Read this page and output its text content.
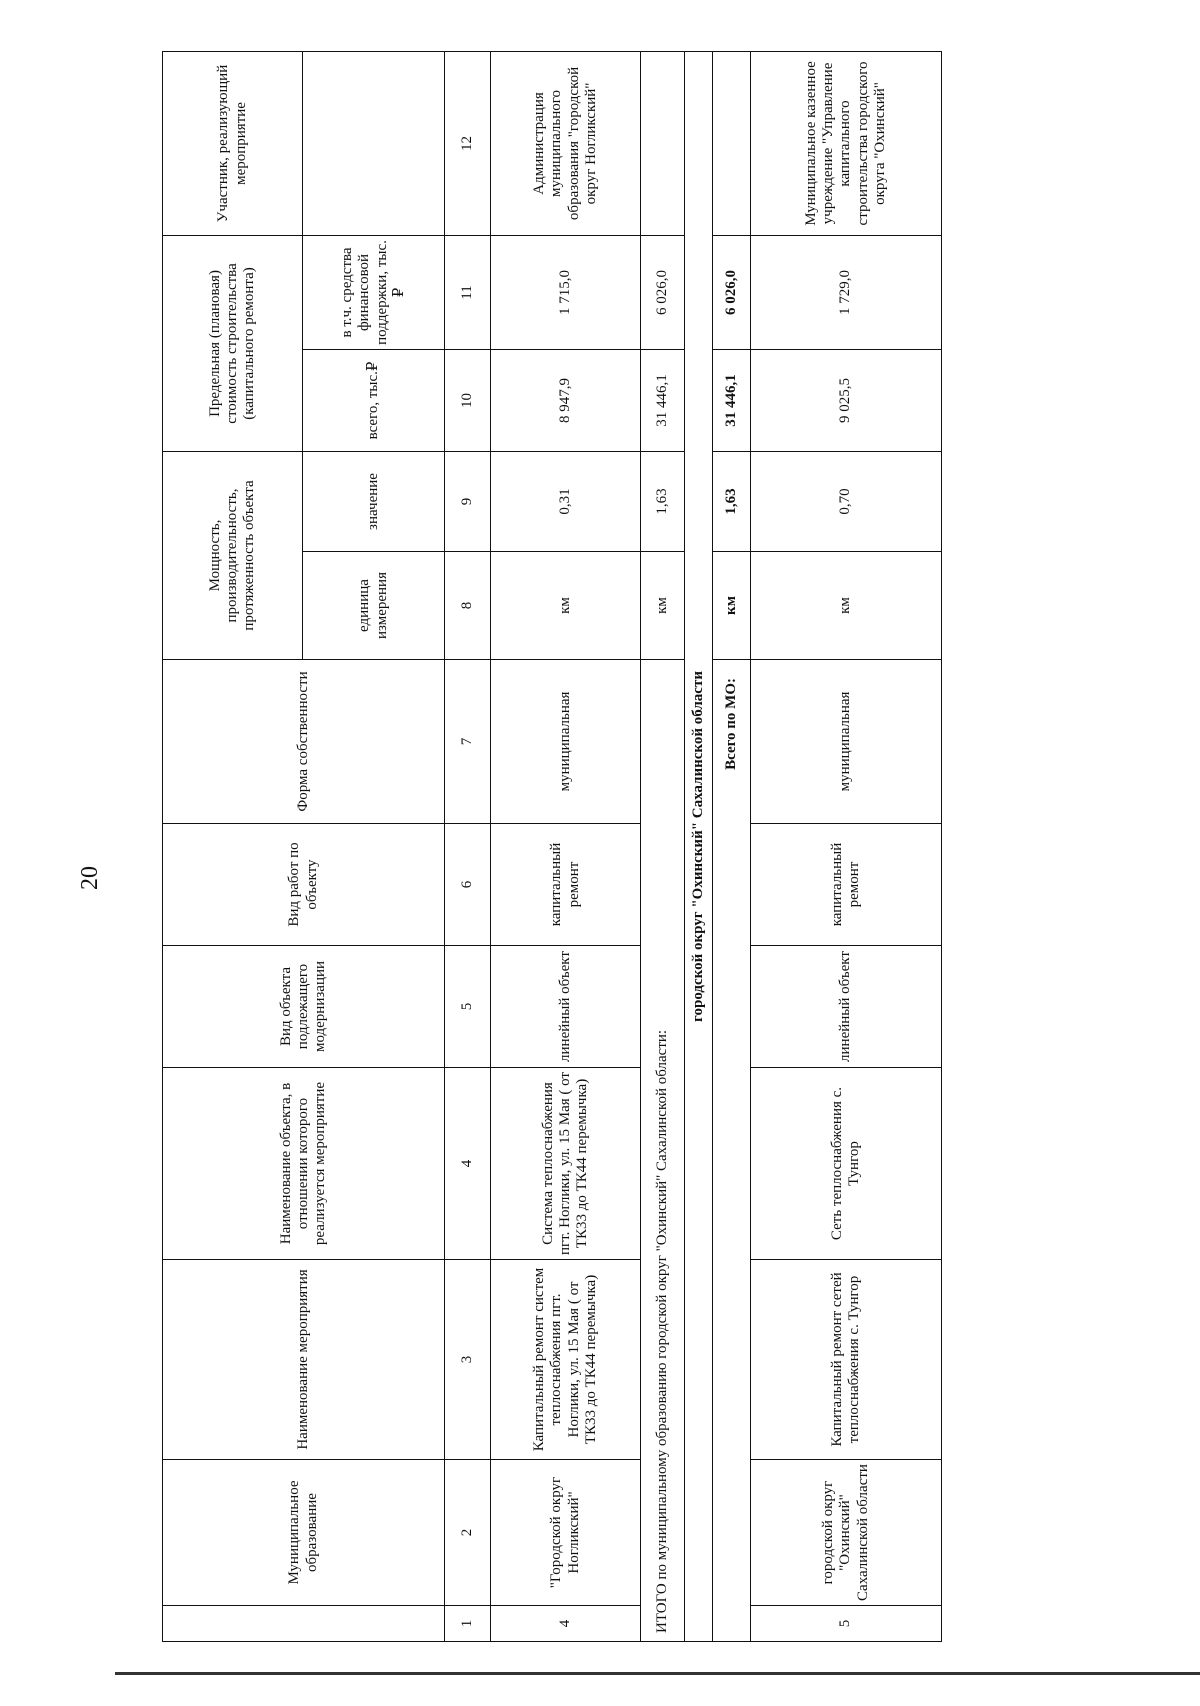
20
	Муниципальное образование	Наименование мероприятия	Наименование объекта, в отношении которого реализуется мероприятие	Вид объекта подлежащего модернизации	Вид работ по объекту	Форма собственности	Мощность, производительность, протяженность объекта		Предельная (плановая) стоимость строительства (капитального ремонта)		Участник, реализующий мероприятие
							единица измерения	значение	всего, тыс.₽	в т.ч. средства финансовой поддержки, тыс.₽	
1	2	3	4	5	6	7	8	9	10	11	12
4	"Городской округ Ногликский"	Капитальный ремонт систем теплоснабжения пгт. Ноглики, ул. 15 Мая ( от ТК33 до ТК44 перемычка)	Система теплоснабжения пгт. Ноглики, ул. 15 Мая ( от ТК33 до ТК44 перемычка)	линейный объект	капитальный ремонт	муниципальная	км	0,31	8 947,9	1 715,0	Администрация муниципального образования "городской округ Ногликский"
ИТОГО по муниципальному образованию городской округ "Охинский" Сахалинской области:							км	1,63	31 446,1	6 026,0	
городской округ "Охинский" Сахалинской области											
Всего по МО:							км	1,63	31 446,1	6 026,0	
5	городской округ "Охинский" Сахалинской области	Капитальный ремонт сетей теплоснабжения с. Тунгор	Сеть теплоснабжения с. Тунгор	линейный объект	капитальный ремонт	муниципальная	км	0,70	9 025,5	1 729,0	Муниципальное казенное учреждение "Управление капитального строительства городского округа "Охинский"
